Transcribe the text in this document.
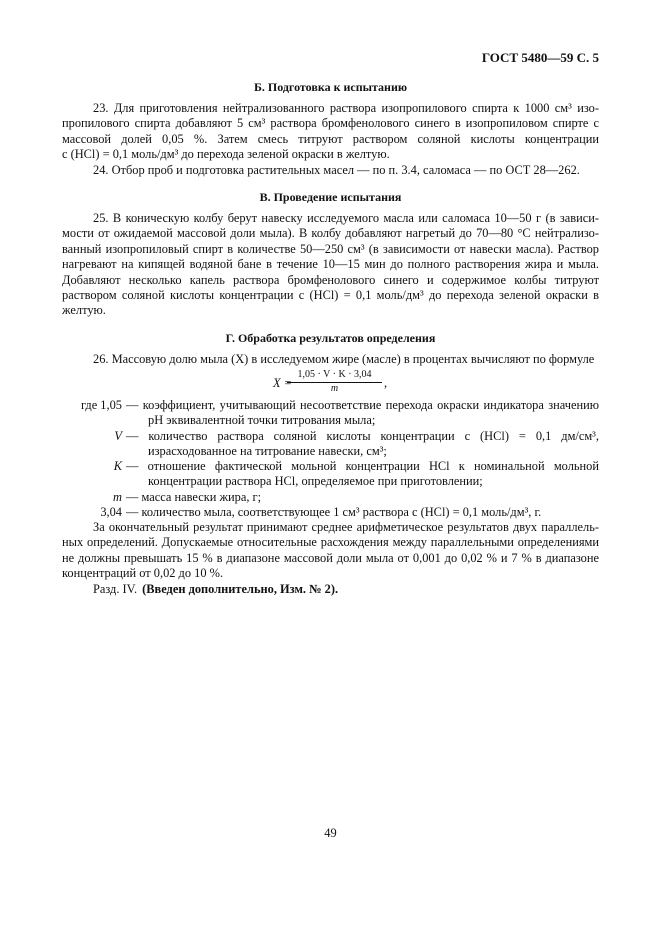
ГОСТ 5480—59 С. 5
Б. Подготовка к испытанию
23. Для приготовления нейтрализованного раствора изопропилового спирта к 1000 см³ изо-
пропилового спирта добавляют 5 см³ раствора бромфенолового синего в изопропиловом спирте с
массовой долей 0,05 %. Затем смесь титруют раствором соляной кислоты концентрации
c (HCl) = 0,1 моль/дм³ до перехода зеленой окраски в желтую.
24. Отбор проб и подготовка растительных масел — по п. 3.4, саломаса — по ОСТ 28—262.
В. Проведение испытания
25. В коническую колбу берут навеску исследуемого масла или саломаса 10—50 г (в зависи-
мости от ожидаемой массовой доли мыла). В колбу добавляют нагретый до 70—80 °С нейтрализо-
ванный изопропиловый спирт в количестве 50—250 см³ (в зависимости от навески масла). Раствор
нагревают на кипящей водяной бане в течение 10—15 мин до полного растворения жира и мыла.
Добавляют несколько капель раствора бромфенолового синего и содержимое колбы титруют
раствором соляной кислоты концентрации c (HCl) = 0,1 моль/дм³ до перехода зеленой окраски в
желтую.
Г. Обработка результатов определения
26. Массовую долю мыла (X) в исследуемом жире (масле) в процентах вычисляют по формуле
X =
1,05 · V · K · 3,04
m	,
где 1,05 — коэффициент, учитывающий несоответствие перехода окраски индикатора значению pH эквивалентной точки титрования мыла;
V — количество раствора соляной кислоты концентрации c (HCl) = 0,1 дм/см³, израсходованное на титрование навески, см³;
K — отношение фактической мольной концентрации HCl к номинальной мольной концентрации раствора HCl, определяемое при приготовлении;
m — масса навески жира, г;
3,04 — количество мыла, соответствующее 1 см³ раствора c (HCl) = 0,1 моль/дм³, г.
За окончательный результат принимают среднее арифметическое результатов двух параллель-
ных определений. Допускаемые относительные расхождения между параллельными определениями
не должны превышать 15 % в диапазоне массовой доли мыла от 0,001 до 0,02 % и 7 % в диапазоне
концентраций от 0,02 до 10 %.
Разд. IV. (Введен дополнительно, Изм. № 2).
49
